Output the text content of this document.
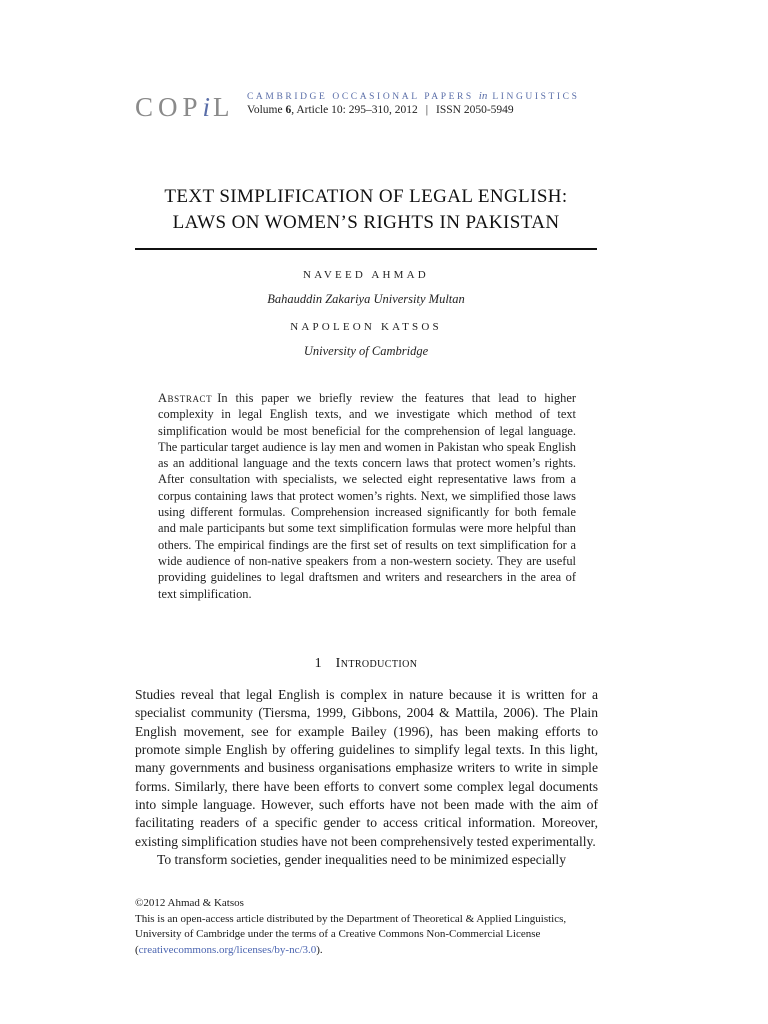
COPiL CAMBRIDGE OCCASIONAL PAPERS in LINGUISTICS
Volume 6, Article 10: 295–310, 2012 | ISSN 2050-5949
TEXT SIMPLIFICATION OF LEGAL ENGLISH:
LAWS ON WOMEN’S RIGHTS IN PAKISTAN
NAVEED AHMAD
Bahauddin Zakariya University Multan
NAPOLEON KATSOS
University of Cambridge
Abstract In this paper we briefly review the features that lead to higher complexity in legal English texts, and we investigate which method of text simplification would be most beneficial for the comprehension of legal language. The particular target audience is lay men and women in Pakistan who speak English as an additional language and the texts concern laws that protect women’s rights. After consultation with specialists, we selected eight representative laws from a corpus containing laws that protect women’s rights. Next, we simplified those laws using different formulas. Comprehension increased significantly for both female and male participants but some text simplification formulas were more helpful than others. The empirical findings are the first set of results on text simplification for a wide audience of non-native speakers from a non-western society. They are useful providing guidelines to legal draftsmen and writers and researchers in the area of text simplification.
1 Introduction

Studies reveal that legal English is complex in nature because it is written for a specialist community (Tiersma, 1999, Gibbons, 2004 & Mattila, 2006). The Plain English movement, see for example Bailey (1996), has been making efforts to promote simple English by offering guidelines to simplify legal texts. In this light, many governments and business organisations emphasize writers to write in simple forms. Similarly, there have been efforts to convert some complex legal documents into simple language. However, such efforts have not been made with the aim of facilitating readers of a specific gender to access critical information. Moreover, existing simplification studies have not been comprehensively tested experimentally.

To transform societies, gender inequalities need to be minimized especially

©2012 Ahmad & Katsos
This is an open-access article distributed by the Department of Theoretical & Applied Linguistics, University of Cambridge under the terms of a Creative Commons Non-Commercial License (creativecommons.org/licenses/by-nc/3.0).
